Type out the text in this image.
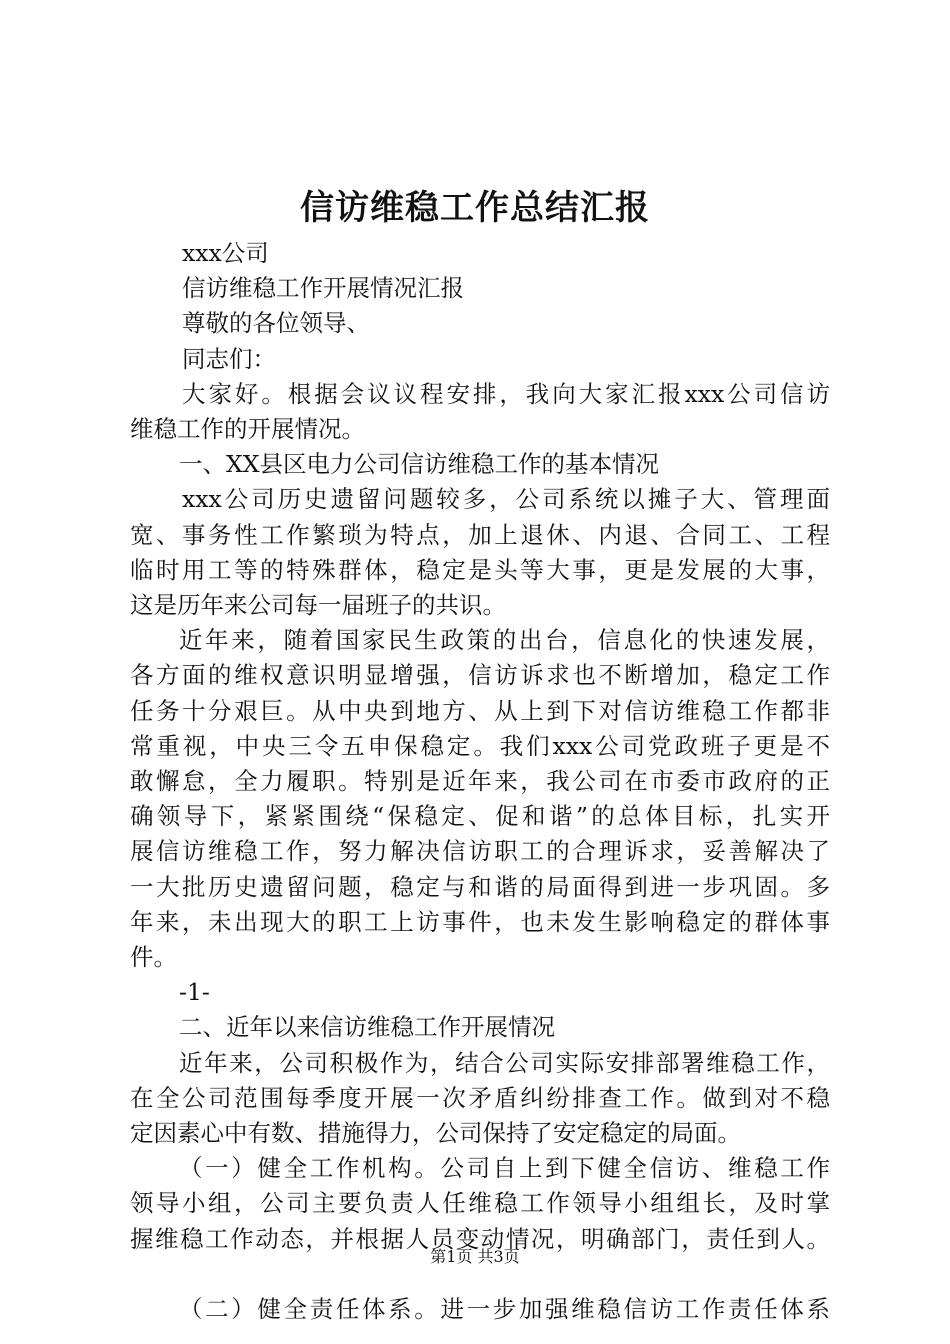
信访维稳工作总结汇报

xxx公司

信访维稳工作开展情况汇报

尊敬的各位领导、

同志们：

大家好。根据会议议程安排，我向大家汇报xxx公司信访

维稳工作的开展情况。

一、XX县区电力公司信访维稳工作的基本情况

xxx公司历史遗留问题较多，公司系统以摊子大、管理面

宽、事务性工作繁琐为特点，加上退休、内退、合同工、工程

临时用工等的特殊群体，稳定是头等大事，更是发展的大事，

这是历年来公司每一届班子的共识。

近年来，随着国家民生政策的出台，信息化的快速发展，

各方面的维权意识明显增强，信访诉求也不断增加，稳定工作

任务十分艰巨。从中央到地方、从上到下对信访维稳工作都非

常重视，中央三令五申保稳定。我们xxx公司党政班子更是不

敢懈怠，全力履职。特别是近年来，我公司在市委市政府的正

确领导下，紧紧围绕“保稳定、促和谐”的总体目标，扎实开

展信访维稳工作，努力解决信访职工的合理诉求，妥善解决了

一大批历史遗留问题，稳定与和谐的局面得到进一步巩固。多

年来，未出现大的职工上访事件，也未发生影响稳定的群体事

件。

-1-

二、近年以来信访维稳工作开展情况

近年来，公司积极作为，结合公司实际安排部署维稳工作，

在全公司范围每季度开展一次矛盾纠纷排查工作。做到对不稳

定因素心中有数、措施得力，公司保持了安定稳定的局面。

（一）健全工作机构。公司自上到下健全信访、维稳工作

领导小组，公司主要负责人任维稳工作领导小组组长，及时掌

握维稳工作动态，并根据人员变动情况，明确部门，责任到人。

（二）健全责任体系。进一步加强维稳信访工作责任体系

第1页 共3页
